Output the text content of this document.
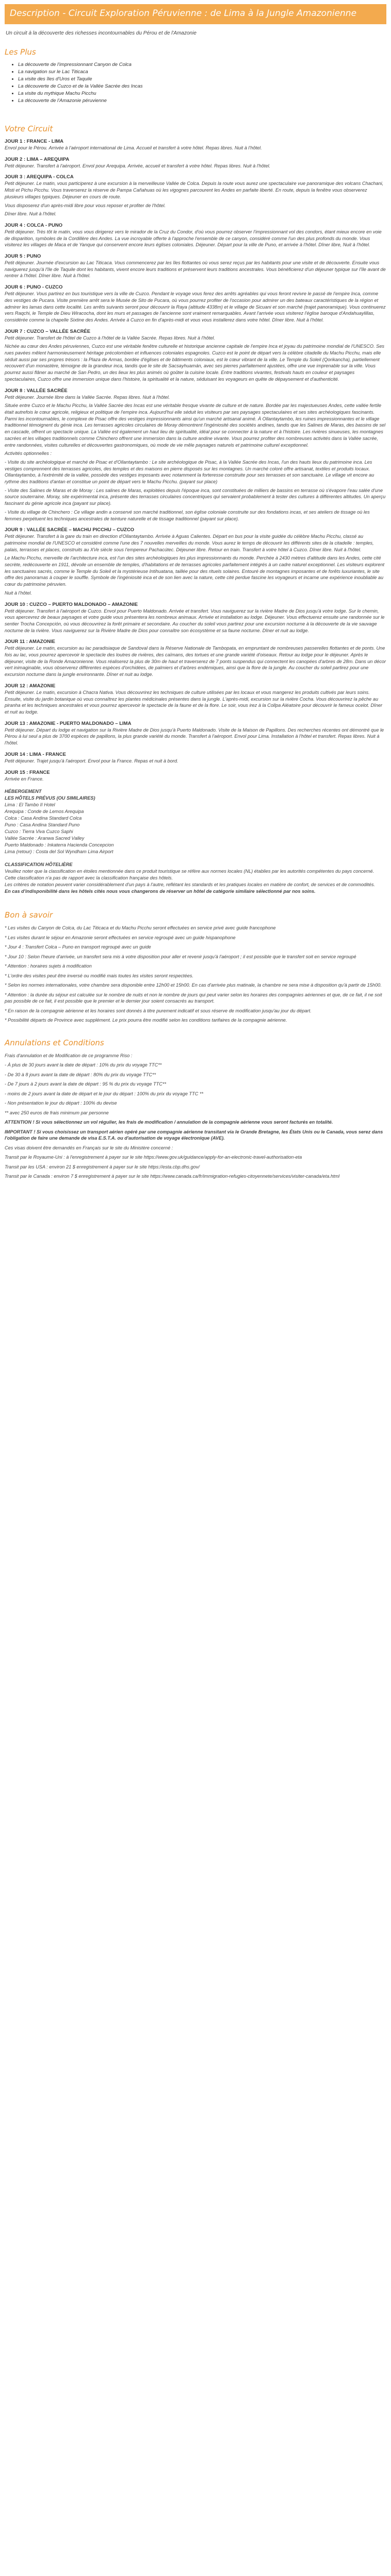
Description - Circuit Exploration Péruvienne : de Lima à la Jungle Amazonienne

Un circuit à la découverte des richesses incontournables du Pérou et de l'Amazonie

Les Plus
• La découverte de l'impressionnant Canyon de Colca
• La navigation sur le Lac Titicaca
• La visite des îles d'Uros et Taquile
• La découverte de Cuzco et de la Vallée Sacrée des Incas
• La visite du mythique Machu Picchu
• La découverte de l'Amazonie péruvienne
Votre Circuit
JOUR 1 : FRANCE - LIMA

Envol pour le Pérou. Arrivée à l'aéroport international de Lima. Accueil et transfert à votre hôtel. Repas libres. Nuit à l'hôtel.

JOUR 2 : LIMA – AREQUIPA

Petit déjeuner. Transfert à l'aéroport. Envol pour Arequipa. Arrivée, accueil et transfert à votre hôtel. Repas libres. Nuit à l'hôtel.

JOUR 3 : AREQUIPA - COLCA

Petit déjeuner. Le matin, vous participerez à une excursion à la merveilleuse Vallée de Colca. Depuis la route vous aurez une spectaculaire vue panoramique des volcans Chachani, Misti et Pichu Picchu. Vous traverserez la réserve de Pampa Cañahuas où les vigognes parcourent les Andes en parfaite liberté. En route, depuis la fenêtre vous observerez plusieurs villages typiques. Déjeuner en cours de route.

Vous disposerez d'un après-midi libre pour vous reposer et profiter de l'hôtel.

Dîner libre. Nuit à l'hôtel.

JOUR 4 : COLCA - PUNO

Petit déjeuner. Très tôt le matin, vous vous dirigerez vers le mirador de la Cruz du Condor, d'où vous pourrez observer l'impressionnant vol des condors, étant mieux encore en voie de disparition, symboles de la Cordillère des Andes. La vue incroyable offerte à l'approche l'ensemble de ce canyon, considéré comme l'un des plus profonds du monde. Vous visiterez les villages de Maca et de Yanque qui conservent encore leurs églises coloniales. Déjeuner. Départ pour la ville de Puno, et arrivée à l'hôtel. Dîner libre, Nuit à l'hôtel.

JOUR 5 : PUNO

Petit déjeuner. Journée d'excursion au Lac Titicaca. Vous commencerez par les îles flottantes où vous serez reçus par les habitants pour une visite et de découverte. Ensuite vous naviguerez jusqu'à l'île de Taquile dont les habitants, vivent encore leurs traditions et préservent leurs traditions ancestrales. Vous bénéficierez d'un déjeuner typique sur l'île avant de rentrer à l'hôtel. Dîner libre. Nuit à l'hôtel.

JOUR 6 : PUNO - CUZCO

Petit déjeuner. Vous partirez en bus touristique vers la ville de Cuzco. Pendant le voyage vous ferez des arrêts agréables qui vous feront revivre le passé de l'empire Inca, comme des vestiges de Pucara. Visite première arrêt sera le Musée de Sito de Pucara, où vous pourrez profiter de l'occasion pour admirer un des bateaux caractéristiques de la région et admirer les lamas dans cette localité. Les arrêts suivants seront pour découvrir la Raya (altitude 4338m) et le village de Sicuani et son marché (trajet panoramique). Vous continuerez vers Raqchi, le Temple de Dieu Wiracocha, dont les murs et passages de l'ancienne sont vraiment remarquables. Avant l'arrivée vous visiterez l'église baroque d'Andahuaylillas, considérée comme la chapelle Sixtine des Andes. Arrivée à Cuzco en fin d'après-midi et vous vous installerez dans votre hôtel. Dîner libre. Nuit à l'hôtel.

JOUR 7 : CUZCO – VALLÉE SACRÉE

Petit déjeuner. Transfert de l'hôtel de Cuzco à l'hôtel de la Vallée Sacrée. Repas libres. Nuit à l'hôtel.

Nichée au cœur des Andes péruviennes, Cuzco est une véritable fenêtre culturelle et historique ancienne capitale de l'empire Inca et joyau du patrimoine mondial de l'UNESCO. Ses rues pavées mêlent harmonieusement héritage précolombien et influences coloniales espagnoles. Cuzco est le point de départ vers la célèbre citadelle du Machu Picchu, mais elle séduit aussi par ses propres trésors : la Plaza de Armas, bordée d'églises et de bâtiments coloniaux, est le cœur vibrant de la ville. Le Temple du Soleil (Qorikancha), partiellement recouvert d'un monastère, témoigne de la grandeur inca, tandis que le site de Sacsayhuamán, avec ses pierres parfaitement ajustées, offre une vue imprenable sur la ville. Vous pourrez aussi flâner au marché de San Pedro, un des lieux les plus animés où goûter la cuisine locale. Entre traditions vivantes, festivals hauts en couleur et paysages spectaculaires, Cuzco offre une immersion unique dans l'histoire, la spiritualité et la nature, séduisant les voyageurs en quête de dépaysement et d'authenticité.

JOUR 8 : VALLÉE SACRÉE

Petit déjeuner. Journée libre dans la Vallée Sacrée. Repas libres. Nuit à l'hôtel.

Située entre Cuzco et le Machu Picchu, la Vallée Sacrée des Incas est une véritable fresque vivante de culture et de nature. Bordée par les majestueuses Andes, cette vallée fertile était autrefois le cœur agricole, religieux et politique de l'empire inca. Aujourd'hui elle séduit les visiteurs par ses paysages spectaculaires et ses sites archéologiques fascinants. Parmi les incontournables, le complexe de Pisac offre des vestiges impressionnants ainsi qu'un marché artisanal animé. À Ollantaytambo, les ruines impressionnantes et le village traditionnel témoignent du génie inca. Les terrasses agricoles circulaires de Moray démontrent l'ingéniosité des sociétés andines, tandis que les Salines de Maras, des bassins de sel en cascade, offrent un spectacle unique. La Vallée est également un haut lieu de spiritualité, idéal pour se connecter à la nature et à l'histoire. Les rivières sinueuses, les montagnes sacrées et les villages traditionnels comme Chinchero offrent une immersion dans la culture andine vivante. Vous pourrez profiter des nombreuses activités dans la Vallée sacrée, entre randonnées, visites culturelles et découvertes gastronomiques, où mode de vie mêle paysages naturels et patrimoine culturel exceptionnel.

Activités optionnelles :

- Visite du site archéologique et marché de Pisac et d'Ollantaytambo : Le site archéologique de Pisac, à la Vallée Sacrée des Incas, l'un des hauts lieux du patrimoine inca. Les vestiges comprennent des terrasses agricoles, des temples et des maisons en pierre disposés sur les montagnes. Un marché coloré offre artisanat, textiles et produits locaux. Ollantaytambo, à l'extrémité de la vallée, possède des vestiges imposants avec notamment la forteresse construite pour ses terrasses et son sanctuaire. Le village vit encore au rythme des traditions d'antan et constitue un point de départ vers le Machu Picchu. (payant sur place)

- Visite des Salines de Maras et de Moray : Les salines de Maras, exploitées depuis l'époque inca, sont constituées de milliers de bassins en terrasse où s'évapore l'eau salée d'une source souterraine. Moray, site expérimental inca, présente des terrasses circulaires concentriques qui servaient probablement à tester des cultures à différentes altitudes. Un aperçu fascinant du génie agricole inca (payant sur place).

- Visite du village de Chinchero : Ce village andin a conservé son marché traditionnel, son église coloniale construite sur des fondations incas, et ses ateliers de tissage où les femmes perpétuent les techniques ancestrales de teinture naturelle et de tissage traditionnel (payant sur place).

JOUR 9 : VALLÉE SACRÉE – MACHU PICCHU – CUZCO

Petit déjeuner. Transfert à la gare du train en direction d'Ollantaytambo. Arrivée à Aguas Calientes. Départ en bus pour la visite guidée du célèbre Machu Picchu, classé au patrimoine mondial de l'UNESCO et considéré comme l'une des 7 nouvelles merveilles du monde. Vous aurez le temps de découvrir les différents sites de la citadelle : temples, palais, terrasses et places, construits au XVe siècle sous l'empereur Pachacútec. Déjeuner libre. Retour en train. Transfert à votre hôtel à Cuzco. Dîner libre. Nuit à l'hôtel.

Le Machu Picchu, merveille de l'architecture inca, est l'un des sites archéologiques les plus impressionnants du monde. Perchée à 2430 mètres d'altitude dans les Andes, cette cité secrète, redécouverte en 1911, dévoile un ensemble de temples, d'habitations et de terrasses agricoles parfaitement intégrés à un cadre naturel exceptionnel. Les visiteurs explorent les sanctuaires sacrés, comme le Temple du Soleil et la mystérieuse Intihuatana, taillée pour des rituels solaires. Entouré de montagnes imposantes et de forêts luxuriantes, le site offre des panoramas à couper le souffle. Symbole de l'ingéniosité inca et de son lien avec la nature, cette cité perdue fascine les voyageurs et incarne une expérience inoubliable au cœur du patrimoine péruvien.

Nuit à l'hôtel.

JOUR 10 : CUZCO – PUERTO MALDONADO – AMAZONIE

Petit déjeuner. Transfert à l'aéroport de Cuzco. Envol pour Puerto Maldonado. Arrivée et transfert. Vous naviguerez sur la rivière Madre de Dios jusqu'à votre lodge. Sur le chemin, vous apercevrez de beaux paysages et votre guide vous présentera les nombreux animaux. Arrivée et installation au lodge. Déjeuner. Vous effectuerez ensuite une randonnée sur le sentier Trocha Concepción, où vous découvrirez la forêt primaire et secondaire. Au coucher du soleil vous partirez pour une excursion nocturne à la découverte de la vie sauvage nocturne de la rivière. Vous naviguerez sur la Rivière Madre de Dios pour connaître son écosystème et sa faune nocturne. Dîner et nuit au lodge.

JOUR 11 : AMAZONIE

Petit déjeuner. Le matin, excursion au lac paradisiaque de Sandoval dans la Réserve Nationale de Tambopata, en empruntant de nombreuses passerelles flottantes et de ponts. Une fois au lac, vous pourrez apercevoir le spectacle des loutres de rivières, des caïmans, des tortues et une grande variété d'oiseaux. Retour au lodge pour le déjeuner. Après le déjeuner, visite de la Ronde Amazonienne. Vous réaliserez la plus de 30m de haut et traverserez de 7 ponts suspendus qui connectent les canopées d'arbres de 28m. Dans un décor vert inimaginable, vous observerez différentes espèces d'orchidées, de palmiers et d'arbres endémiques, ainsi que la flore de la jungle. Au coucher du soleil partirez pour une excursion nocturne dans la jungle environnante. Dîner et nuit au lodge.

JOUR 12 : AMAZONIE

Petit déjeuner. Le matin, excursion à Chacra Nativa. Vous découvrirez les techniques de culture utilisées par les locaux et vous mangerez les produits cultivés par leurs soins. Ensuite, visite du jardin botanique où vous connaîtrez les plantes médicinales présentes dans la jungle. L'après-midi, excursion sur la rivière Cocha. Vous découvrirez la pêche au piranha et les techniques ancestrales et vous pourrez apercevoir le spectacle de la faune et de la flore. Le soir, vous irez à la Collpa Aléatoire pour découvrir le fameux ocelot. Dîner et nuit au lodge.

JOUR 13 : AMAZONIE - PUERTO MALDONADO – LIMA

Petit déjeuner. Départ du lodge et navigation sur la Rivière Madre de Dios jusqu'à Puerto Maldonado. Visite de la Maison de Papillons. Des recherches récentes ont démontré que le Pérou à lui seul a plus de 3700 espèces de papillons, la plus grande variété du monde. Transfert à l'aéroport. Envol pour Lima. Installation à l'hôtel et transfert. Repas libres. Nuit à l'hôtel.

JOUR 14 : LIMA - FRANCE

Petit déjeuner. Trajet jusqu'à l'aéroport. Envol pour la France. Repas et nuit à bord.

JOUR 15 : FRANCE

Arrivée en France.

HÉBERGEMENT

LES HÔTELS PRÉVUS (OU SIMILAIRES)

Lima : El Tambo II Hotel

Arequipa : Conde de Lemos Arequipa

Colca : Casa Andina Standard Colca

Puno : Casa Andina Standard Puno

Cuzco : Tierra Viva Cuzco Saphi

Vallée Sacrée : Aranwa Sacred Valley

Puerto Maldonado : Inkaterra Hacienda Concepcion

Lima (retour) : Costa del Sol Wyndham Lima Airport

CLASSIFICATION HÔTELIÈRE

Veuillez noter que la classification en étoiles mentionnée dans ce produit touristique se réfère aux normes locales (NL) établies par les autorités compétentes du pays concerné.

Cette classification n'a pas de rapport avec la classification française des hôtels.

Les critères de notation peuvent varier considérablement d'un pays à l'autre, reflétant les standards et les pratiques locales en matière de confort, de services et de commodités.

En cas d'indisponibilité dans les hôtels cités nous vous changerons de réserver un hôtel de catégorie similaire sélectionné par nos soins.

Bon à savoir

* Les visites du Canyon de Colca, du Lac Titicaca et du Machu Picchu seront effectuées en service privé avec guide francophone

* Les visites durant le séjour en Amazonie seront effectuées en service regroupé avec un guide hispanophone

* Jour 4 : Transfert Colca – Puno en transport regroupé avec un guide

* Jour 10 : Selon l'heure d'arrivée, un transfert sera mis à votre disposition pour aller et revenir jusqu'à l'aéroport ; il est possible que le transfert soit en service regroupé

* Attention : horaires sujets à modification

* L'ordre des visites peut être inversé ou modifié mais toutes les visites seront respectées.

* Selon les normes internationales, votre chambre sera disponible entre 12h00 et 15h00. En cas d'arrivée plus matinale, la chambre ne sera mise à disposition qu'à partir de 15h00.

* Attention : la durée du séjour est calculée sur le nombre de nuits et non le nombre de jours qui peut varier selon les horaires des compagnies aériennes et que, de ce fait, il ne soit pas possible de ce fait, il est possible que le premier et le dernier jour soient consacrés au transport.

* En raison de la compagnie aérienne et les horaires sont donnés à titre purement indicatif et sous réserve de modification jusqu'au jour du départ.

* Possibilité départs de Province avec supplément. Le prix pourra être modifié selon les conditions tarifaires de la compagnie aérienne.

Annulations et Conditions

Frais d'annulation et de Modification de ce programme Riso :

- À plus de 30 jours avant la date de départ : 10% du prix du voyage TTC**

- De 30 à 8 jours avant la date de départ : 80% du prix du voyage TTC**

- De 7 jours à 2 jours avant la date de départ : 95 % du prix du voyage TTC**

- moins de 2 jours avant la date de départ et le jour du départ : 100% du prix du voyage TTC **

- Non présentation le jour du départ : 100% du devise

** avec 250 euros de frais minimum par personne

ATTENTION ! Si vous sélectionnez un vol régulier, les frais de modification / annulation de la compagnie aérienne vous seront facturés en totalité.

IMPORTANT ! Si vous choisissez un transport aérien opéré par une compagnie aérienne transitant via le Grande Bretagne, les États Unis ou le Canada, vous serez dans l'obligation de faire une demande de visa E.S.T.A. ou d'autorisation de voyage électronique (AVE).

Ces visas doivent être demandés en Français sur le site du Ministère concerné :

Transit par le Royaume-Uni : à l'enregistrement à payer sur le site https://www.gov.uk/guidance/apply-for-an-electronic-travel-authorisation-eta

Transit par les USA : environ 21 $ enregistrement à payer sur le site https://esta.cbp.dhs.gov/

Transit par le Canada : environ 7 $ enregistrement à payer sur le site https://www.canada.ca/fr/immigration-refugies-citoyennete/services/visiter-canada/eta.html
